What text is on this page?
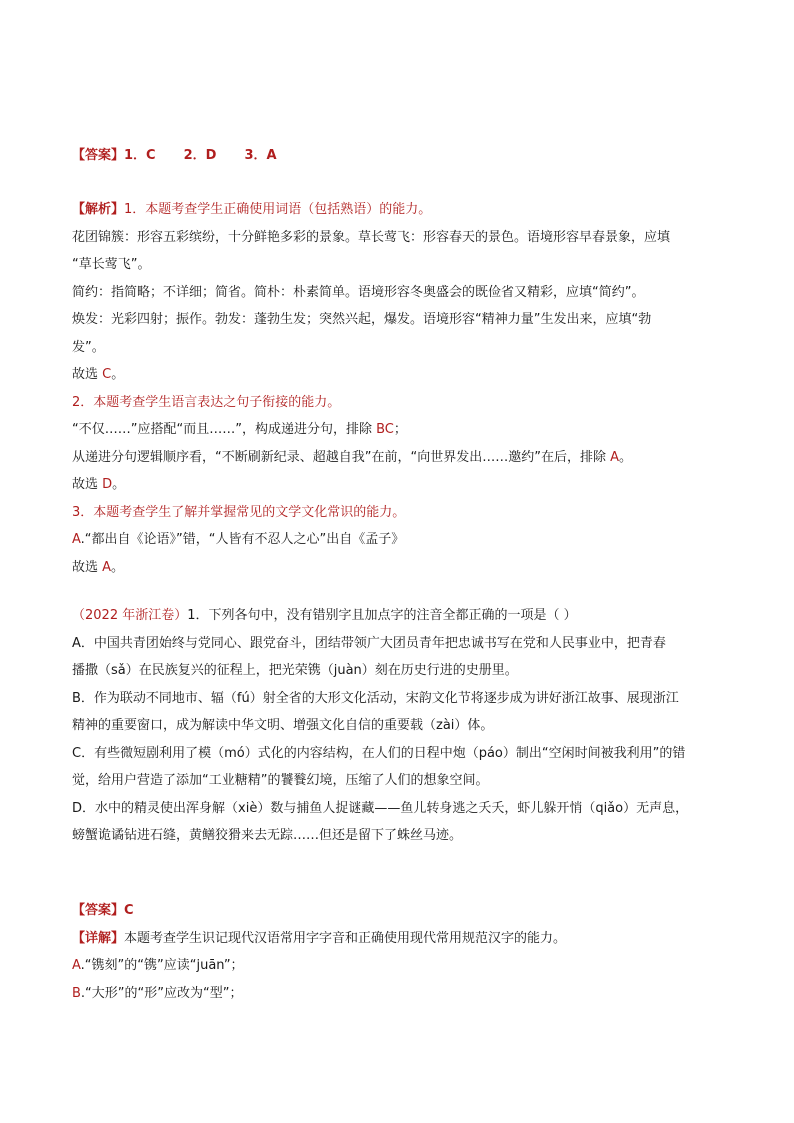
【答案】1．C 2．D 3．A
【解析】1．本题考查学生正确使用词语（包括熟语）的能力。
花团锦簇：形容五彩缤纷，十分鲜艳多彩的景象。草长莺飞：形容春天的景色。语境形容早春景象，应填
“草长莺飞”。
简约：指简略；不详细；简省。简朴：朴素简单。语境形容冬奥盛会的既俭省又精彩，应填“简约”。
焕发：光彩四射；振作。勃发：蓬勃生发；突然兴起，爆发。语境形容“精神力量”生发出来，应填“勃
发”。
故选 C。
2．本题考查学生语言表达之句子衔接的能力。
“不仅……”应搭配“而且……”，构成递进分句，排除 BC；
从递进分句逻辑顺序看，“不断刷新纪录、超越自我”在前，“向世界发出……邀约”在后，排除 A。
故选 D。
3．本题考查学生了解并掌握常见的文学文化常识的能力。
A.“都出自《论语》”错，“人皆有不忍人之心”出自《孟子》
故选 A。
（2022 年浙江卷）1．下列各句中，没有错别字且加点字的注音全都正确的一项是（ ）
A．中国共青团始终与党同心、跟党奋斗，团结带领广大团员青年把忠诚书写在党和人民事业中，把青春
播撒（sǎ）在民族复兴的征程上，把光荣镌（juàn）刻在历史行进的史册里。
B．作为联动不同地市、辐（fú）射全省的大形文化活动，宋韵文化节将逐步成为讲好浙江故事、展现浙江
精神的重要窗口，成为解读中华文明、增强文化自信的重要载（zài）体。
C．有些微短剧利用了模（mó）式化的内容结构，在人们的日程中炮（páo）制出“空闲时间被我利用”的错
觉，给用户营造了添加“工业糖精”的饕餮幻境，压缩了人们的想象空间。
D．水中的精灵使出浑身解（xiè）数与捕鱼人捉谜藏——鱼儿转身逃之夭夭，虾儿躲开悄（qiǎo）无声息，
螃蟹诡谲钻进石缝，黄鳝狡猾来去无踪……但还是留下了蛛丝马迹。
【答案】C
【详解】本题考查学生识记现代汉语常用字字音和正确使用现代常用规范汉字的能力。
A.“镌刻”的“镌”应读“juān”；
B.“大形”的“形”应改为“型”；
